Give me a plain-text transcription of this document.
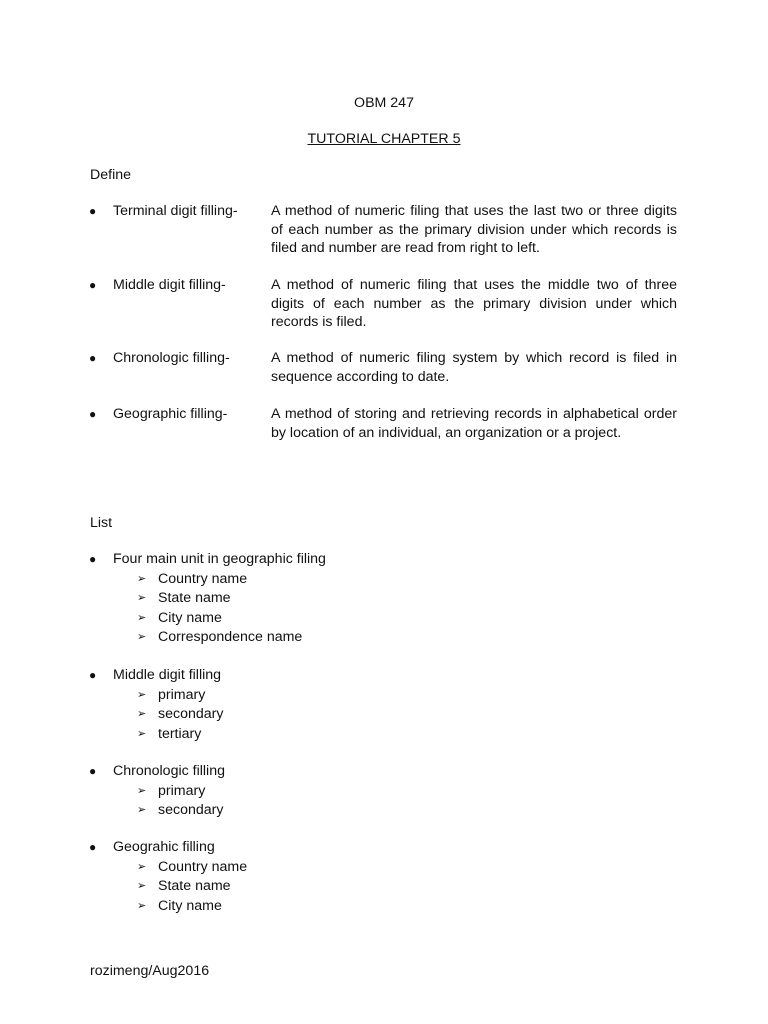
OBM 247
TUTORIAL CHAPTER 5
Define
● Terminal digit filling- A method of numeric filing that uses the last two or three digits of each number as the primary division under which records is filed and number are read from right to left.
● Middle digit filling-	A method of numeric filing that uses the middle two of three digits of each number as the primary division under which records is filed.
● Chronologic filling-	A method of numeric filing system by which record is filed in sequence according to date.
● Geographic filling-	A method of storing and retrieving records in alphabetical order by location of an individual, an organization or a project.
List
● Four main unit in geographic filing
➢ Country name
➢ State name
➢ City name
➢ Correspondence name
● Middle digit filling
➢ primary
➢ secondary
➢ tertiary
● Chronologic filling
➢ primary
➢ secondary
● Geograhic filling
➢ Country name
➢ State name
➢ City name
rozimeng/Aug2016
